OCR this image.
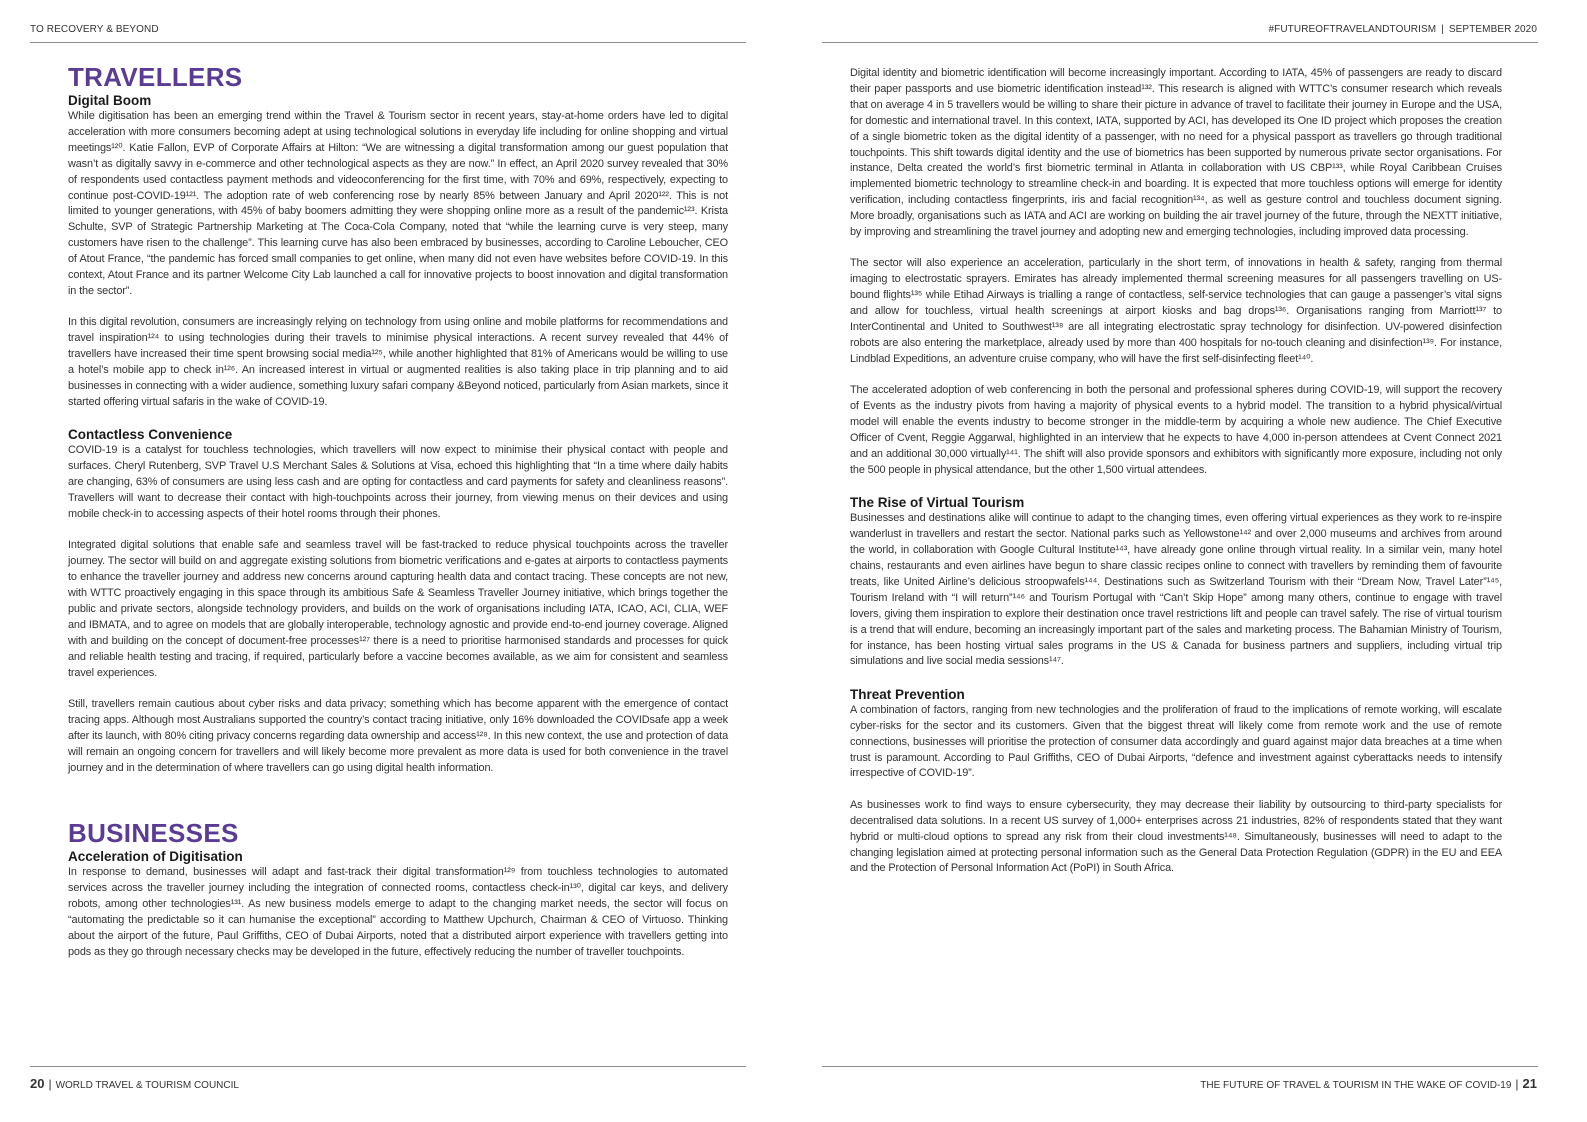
TO RECOVERY & BEYOND
TRAVELLERS
Digital Boom

While digitisation has been an emerging trend within the Travel & Tourism sector in recent years, stay-at-home orders have led to digital acceleration with more consumers becoming adept at using technological solutions in everyday life including for online shopping and virtual meetings¹²⁰. Katie Fallon, EVP of Corporate Affairs at Hilton: “We are witnessing a digital transformation among our guest population that wasn’t as digitally savvy in e-commerce and other technological aspects as they are now.” In effect, an April 2020 survey revealed that 30% of respondents used contactless payment methods and videoconferencing for the first time, with 70% and 69%, respectively, expecting to continue post-COVID-19¹²¹. The adoption rate of web conferencing rose by nearly 85% between January and April 2020¹²². This is not limited to younger generations, with 45% of baby boomers admitting they were shopping online more as a result of the pandemic¹²³. Krista Schulte, SVP of Strategic Partnership Marketing at The Coca-Cola Company, noted that “while the learning curve is very steep, many customers have risen to the challenge”. This learning curve has also been embraced by businesses, according to Caroline Leboucher, CEO of Atout France, “the pandemic has forced small companies to get online, when many did not even have websites before COVID-19. In this context, Atout France and its partner Welcome City Lab launched a call for innovative projects to boost innovation and digital transformation in the sector”.

In this digital revolution, consumers are increasingly relying on technology from using online and mobile platforms for recommendations and travel inspiration¹²⁴ to using technologies during their travels to minimise physical interactions. A recent survey revealed that 44% of travellers have increased their time spent browsing social media¹²⁵, while another highlighted that 81% of Americans would be willing to use a hotel’s mobile app to check in¹²⁶. An increased interest in virtual or augmented realities is also taking place in trip planning and to aid businesses in connecting with a wider audience, something luxury safari company &Beyond noticed, particularly from Asian markets, since it started offering virtual safaris in the wake of COVID-19.

Contactless Convenience

COVID-19 is a catalyst for touchless technologies, which travellers will now expect to minimise their physical contact with people and surfaces. Cheryl Rutenberg, SVP Travel U.S Merchant Sales & Solutions at Visa, echoed this highlighting that “In a time where daily habits are changing, 63% of consumers are using less cash and are opting for contactless and card payments for safety and cleanliness reasons”. Travellers will want to decrease their contact with high-touchpoints across their journey, from viewing menus on their devices and using mobile check-in to accessing aspects of their hotel rooms through their phones.

Integrated digital solutions that enable safe and seamless travel will be fast-tracked to reduce physical touchpoints across the traveller journey. The sector will build on and aggregate existing solutions from biometric verifications and e-gates at airports to contactless payments to enhance the traveller journey and address new concerns around capturing health data and contact tracing. These concepts are not new, with WTTC proactively engaging in this space through its ambitious Safe & Seamless Traveller Journey initiative, which brings together the public and private sectors, alongside technology providers, and builds on the work of organisations including IATA, ICAO, ACI, CLIA, WEF and IBMATA, and to agree on models that are globally interoperable, technology agnostic and provide end-to-end journey coverage. Aligned with and building on the concept of document-free processes¹²⁷ there is a need to prioritise harmonised standards and processes for quick and reliable health testing and tracing, if required, particularly before a vaccine becomes available, as we aim for consistent and seamless travel experiences.

Still, travellers remain cautious about cyber risks and data privacy; something which has become apparent with the emergence of contact tracing apps. Although most Australians supported the country’s contact tracing initiative, only 16% downloaded the COVIDsafe app a week after its launch, with 80% citing privacy concerns regarding data ownership and access¹²⁸. In this new context, the use and protection of data will remain an ongoing concern for travellers and will likely become more prevalent as more data is used for both convenience in the travel journey and in the determination of where travellers can go using digital health information.

BUSINESSES
Acceleration of Digitisation

In response to demand, businesses will adapt and fast-track their digital transformation¹²⁹ from touchless technologies to automated services across the traveller journey including the integration of connected rooms, contactless check-in¹³⁰, digital car keys, and delivery robots, among other technologies¹³¹. As new business models emerge to adapt to the changing market needs, the sector will focus on “automating the predictable so it can humanise the exceptional” according to Matthew Upchurch, Chairman & CEO of Virtuoso. Thinking about the airport of the future, Paul Griffiths, CEO of Dubai Airports, noted that a distributed airport experience with travellers getting into pods as they go through necessary checks may be developed in the future, effectively reducing the number of traveller touchpoints.

20 | WORLD TRAVEL & TOURISM COUNCIL
#FUTUREOFTRAVELANDTOURISM | SEPTEMBER 2020

Digital identity and biometric identification will become increasingly important. According to IATA, 45% of passengers are ready to discard their paper passports and use biometric identification instead¹³². This research is aligned with WTTC’s consumer research which reveals that on average 4 in 5 travellers would be willing to share their picture in advance of travel to facilitate their journey in Europe and the USA, for domestic and international travel. In this context, IATA, supported by ACI, has developed its One ID project which proposes the creation of a single biometric token as the digital identity of a passenger, with no need for a physical passport as travellers go through traditional touchpoints. This shift towards digital identity and the use of biometrics has been supported by numerous private sector organisations. For instance, Delta created the world’s first biometric terminal in Atlanta in collaboration with US CBP¹³³, while Royal Caribbean Cruises implemented biometric technology to streamline check-in and boarding. It is expected that more touchless options will emerge for identity verification, including contactless fingerprints, iris and facial recognition¹³⁴, as well as gesture control and touchless document signing. More broadly, organisations such as IATA and ACI are working on building the air travel journey of the future, through the NEXTT initiative, by improving and streamlining the travel journey and adopting new and emerging technologies, including improved data processing.

The sector will also experience an acceleration, particularly in the short term, of innovations in health & safety, ranging from thermal imaging to electrostatic sprayers. Emirates has already implemented thermal screening measures for all passengers travelling on US-bound flights¹³⁵ while Etihad Airways is trialling a range of contactless, self-service technologies that can gauge a passenger’s vital signs and allow for touchless, virtual health screenings at airport kiosks and bag drops¹³⁶. Organisations ranging from Marriott¹³⁷ to InterContinental and United to Southwest¹³⁸ are all integrating electrostatic spray technology for disinfection. UV-powered disinfection robots are also entering the marketplace, already used by more than 400 hospitals for no-touch cleaning and disinfection¹³⁹. For instance, Lindblad Expeditions, an adventure cruise company, who will have the first self-disinfecting fleet¹⁴⁰.

The accelerated adoption of web conferencing in both the personal and professional spheres during COVID-19, will support the recovery of Events as the industry pivots from having a majority of physical events to a hybrid model. The transition to a hybrid physical/virtual model will enable the events industry to become stronger in the middle-term by acquiring a whole new audience. The Chief Executive Officer of Cvent, Reggie Aggarwal, highlighted in an interview that he expects to have 4,000 in-person attendees at Cvent Connect 2021 and an additional 30,000 virtually¹⁴¹. The shift will also provide sponsors and exhibitors with significantly more exposure, including not only the 500 people in physical attendance, but the other 1,500 virtual attendees.

The Rise of Virtual Tourism

Businesses and destinations alike will continue to adapt to the changing times, even offering virtual experiences as they work to re-inspire wanderlust in travellers and restart the sector. National parks such as Yellowstone¹⁴² and over 2,000 museums and archives from around the world, in collaboration with Google Cultural Institute¹⁴³, have already gone online through virtual reality. In a similar vein, many hotel chains, restaurants and even airlines have begun to share classic recipes online to connect with travellers by reminding them of favourite treats, like United Airline’s delicious stroopwafels¹⁴⁴. Destinations such as Switzerland Tourism with their “Dream Now, Travel Later”¹⁴⁵, Tourism Ireland with “I will return”¹⁴⁶ and Tourism Portugal with “Can’t Skip Hope” among many others, continue to engage with travel lovers, giving them inspiration to explore their destination once travel restrictions lift and people can travel safely. The rise of virtual tourism is a trend that will endure, becoming an increasingly important part of the sales and marketing process. The Bahamian Ministry of Tourism, for instance, has been hosting virtual sales programs in the US & Canada for business partners and suppliers, including virtual trip simulations and live social media sessions¹⁴⁷.

Threat Prevention

A combination of factors, ranging from new technologies and the proliferation of fraud to the implications of remote working, will escalate cyber-risks for the sector and its customers. Given that the biggest threat will likely come from remote work and the use of remote connections, businesses will prioritise the protection of consumer data accordingly and guard against major data breaches at a time when trust is paramount. According to Paul Griffiths, CEO of Dubai Airports, “defence and investment against cyberattacks needs to intensify irrespective of COVID-19”.

As businesses work to find ways to ensure cybersecurity, they may decrease their liability by outsourcing to third-party specialists for decentralised data solutions. In a recent US survey of 1,000+ enterprises across 21 industries, 82% of respondents stated that they want hybrid or multi-cloud options to spread any risk from their cloud investments¹⁴⁸. Simultaneously, businesses will need to adapt to the changing legislation aimed at protecting personal information such as the General Data Protection Regulation (GDPR) in the EU and EEA and the Protection of Personal Information Act (PoPI) in South Africa.

THE FUTURE OF TRAVEL & TOURISM IN THE WAKE OF COVID-19 | 21
